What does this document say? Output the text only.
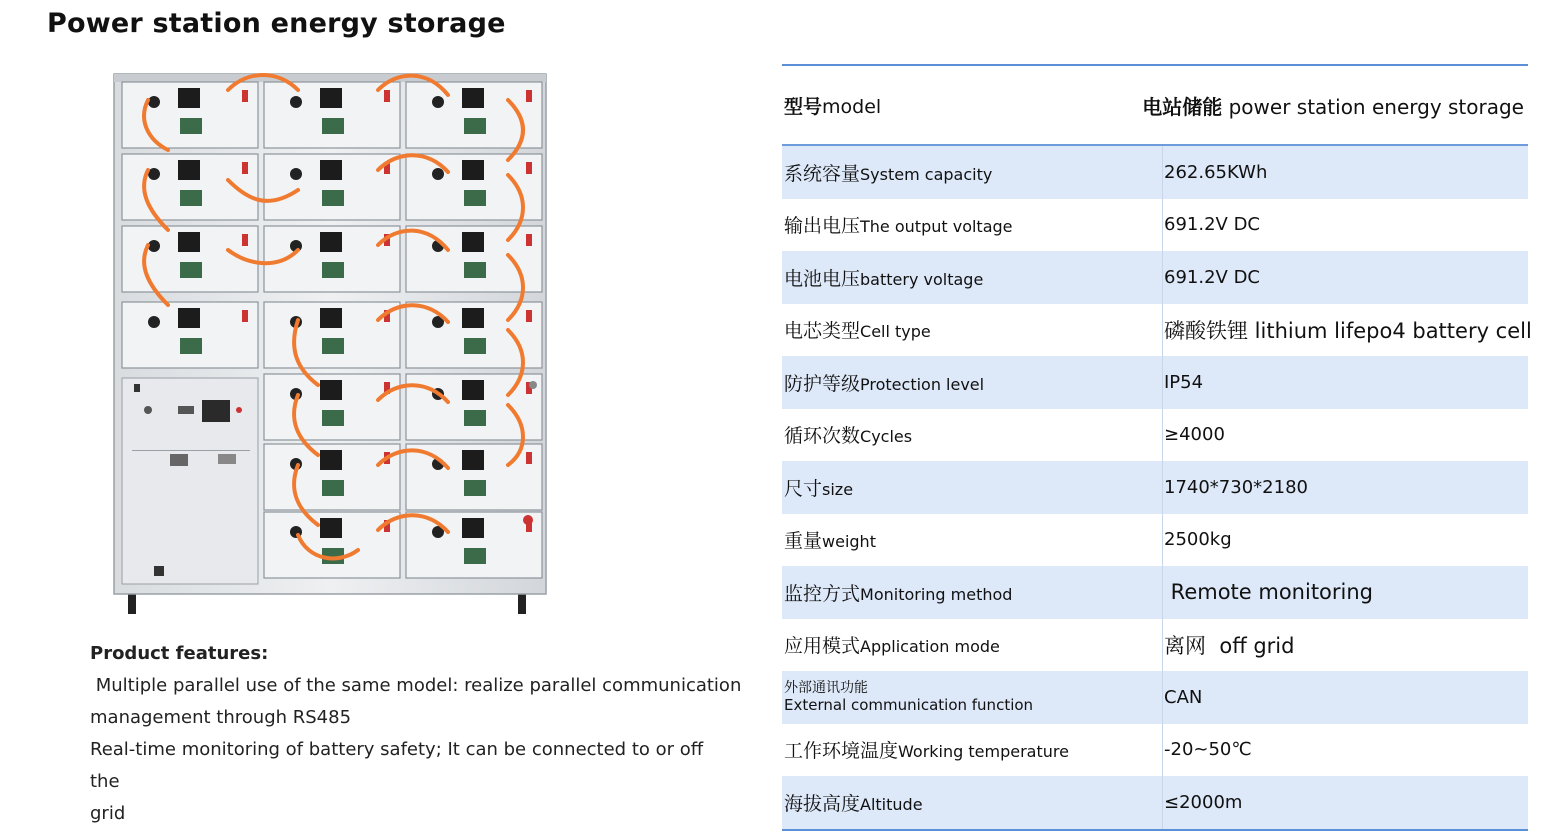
Power station energy storage

Product features:

Multiple parallel use of the same model: realize parallel communication

management through RS485

Real-time monitoring of battery safety; It can be connected to or off the

grid

型号model	电站储能 power station energy storage
系统容量System capacity	262.65KWh
输出电压The output voltage	691.2V DC
电池电压battery voltage	691.2V DC
电芯类型Cell type	磷酸铁锂 lithium lifepo4 battery cell
防护等级Protection level	IP54
循环次数Cycles	≥4000
尺寸size	1740*730*2180
重量weight	2500kg
监控方式Monitoring method	Remote monitoring
应用模式Application mode	离网  off grid
外部通讯功能
External communication function	CAN
工作环境温度Working temperature	-20~50℃
海拔高度Altitude	≤2000m
